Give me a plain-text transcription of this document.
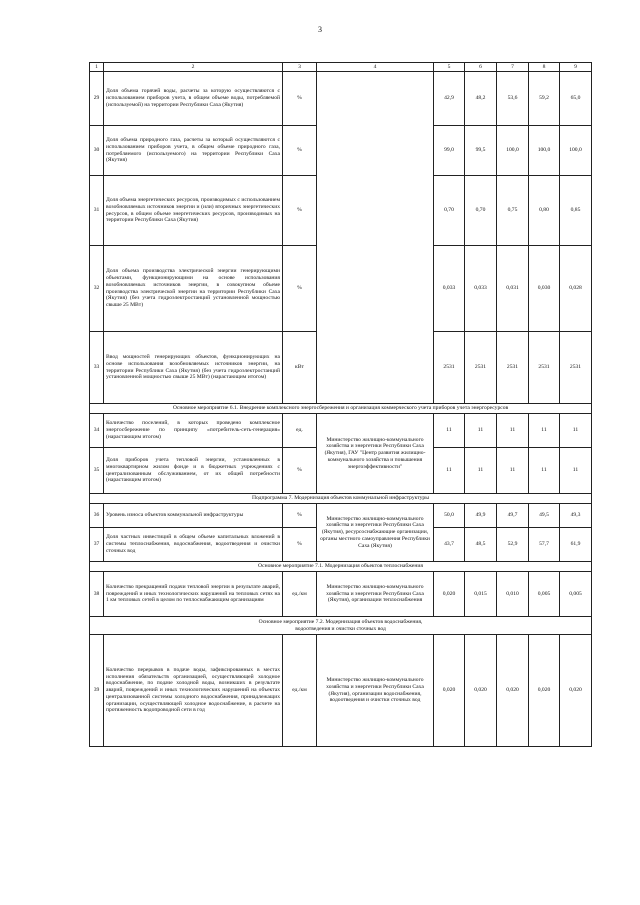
3
1	2	3	4	5	6	7	8	9
29	Доля объема горячей воды, расчеты за которую осуществляются с использованием приборов учета, в общем объеме воды, потребляемой (используемой) на территории Республики Саха (Якутия)	%		42,9	48,2	53,6	59,2	65,0
30	Доля объема природного газа, расчеты за который осуществляются с использованием приборов учета, в общем объеме природного газа, потребляемого (используемого) на территории Республики Саха (Якутия)	%		99,0	99,5	100,0	100,0	100,0
31	Доля объема энергетических ресурсов, производимых с использованием возобновляемых источников энергии и (или) вторичных энергетических ресурсов, в общем объеме энергетических ресурсов, производимых на территории Республики Саха (Якутия)	%		0,70	0,70	0,75	0,80	0,85
32	Доля объема производства электрической энергии генерирующими объектами, функционирующими на основе использования возобновляемых источников энергии, в совокупном объеме производства электрической энергии на территории Республики Саха (Якутия) (без учета гидроэлектростанций установленной мощностью свыше 25 МВт)	%		0,033	0,033	0,031	0,030	0,028
33	Ввод мощностей генерирующих объектов, функционирующих на основе использования возобновляемых источников энергии, на территории Республики Саха (Якутия) (без учета гидроэлектростанций установленной мощностью свыше 25 МВт) (нарастающим итогом)	кВт		2531	2531	2531	2531	2531
Основное мероприятие 6.1. Внедрение комплексного энергосбережения и организация коммерческого учета приборов учета энергоресурсов								
34	Количество поселений, в которых проведено комплексное энергосбережение по принципу «потребитель-сеть-генерация» (нарастающим итогом)	ед.	Министерство жилищно-коммунального хозяйства и энергетики Республики Саха (Якутия), ГАУ "Центр развития жилищно-коммунального хозяйства и повышения энергоэффективности"	11	11	11	11	11
35	Доля приборов учета тепловой энергии, установленных в многоквартирном жилом фонде и в бюджетных учреждениях с централизованным обслуживанием, от их общей потребности (нарастающим итогом)	%		11	11	11	11	11
Подпрограмма 7. Модернизация объектов коммунальной инфраструктуры								
36	Уровень износа объектов коммунальной инфраструктуры	%	Министерство жилищно-коммунального хозяйства и энергетики Республики Саха (Якутия), ресурсоснабжающие организации, органы местного самоуправления Республики Саха (Якутия)	50,0	49,9	49,7	49,5	49,3
37	Доля частных инвестиций в общем объеме капитальных вложений в системы теплоснабжения, водоснабжения, водоотведения и очистки сточных вод	%		43,7	48,5	52,9	57,7	61,9
Основное мероприятие 7.1. Модернизация объектов теплоснабжения								
38	Количество прекращений подачи тепловой энергии в результате аварий, повреждений и иных технологических нарушений на тепловых сетях на 1 км тепловых сетей в целом по теплоснабжающим организациям	ед./км	Министерство жилищно-коммунального хозяйства и энергетики Республики Саха (Якутия), организации теплоснабжения	0,020	0,015	0,010	0,005	0,005

Основное мероприятие 7.2. Модернизация объектов водоснабжения,
водоотведения и очистки сточных вод								

39	Количество перерывов в подаче воды, зафиксированных в местах исполнения обязательств организацией, осуществляющей холодное водоснабжение, по подаче холодной воды, возникших в результате аварий, повреждений и иных технологических нарушений на объектах централизованной системы холодного водоснабжения, принадлежащих организации, осуществляющей холодное водоснабжение, в расчете на протяженность водопроводной сети в год	ед./км	Министерство жилищно-коммунального хозяйства и энергетики Республики Саха (Якутия), организации водоснабжения, водоотведения и очистки сточных вод	0,020	0,020	0,020	0,020	0,020
